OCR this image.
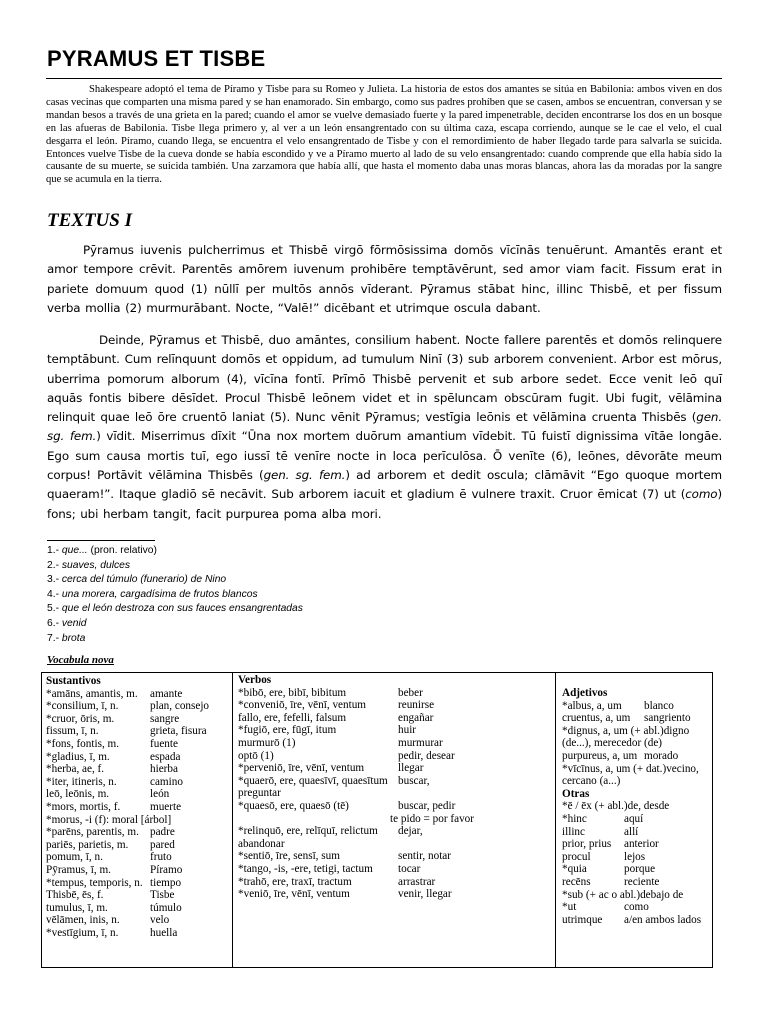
PYRAMUS ET TISBE

Shakespeare adoptó el tema de Píramo y Tisbe para su Romeo y Julieta. La historia de estos dos amantes se sitúa en Babilonia: ambos viven en dos casas vecinas que comparten una misma pared y se han enamorado. Sin embargo, como sus padres prohíben que se casen, ambos se encuentran, conversan y se mandan besos a través de una grieta en la pared; cuando el amor se vuelve demasiado fuerte y la pared impenetrable, deciden encontrarse los dos en un bosque en las afueras de Babilonia. Tisbe llega primero y, al ver a un león ensangrentado con su última caza, escapa corriendo, aunque se le cae el velo, el cual desgarra el león. Píramo, cuando llega, se encuentra el velo ensangrentado de Tisbe y con el remordimiento de haber llegado tarde para salvarla se suicida. Entonces vuelve Tisbe de la cueva donde se había escondido y ve a Píramo muerto al lado de su velo ensangrentado: cuando comprende que ella había sido la causante de su muerte, se suicida también. Una zarzamora que había allí, que hasta el momento daba unas moras blancas, ahora las da moradas por la sangre que se acumula en la tierra.

TEXTUS I

Pȳramus iuvenis pulcherrimus et Thisbē virgō fōrmōsissima domōs vīcīnās tenuērunt. Amantēs erant et amor tempore crēvit. Parentēs amōrem iuvenum prohibēre temptāvērunt, sed amor viam facit. Fissum erat in pariete domuum quod (1) nūllī per multōs annōs vīderant. Pȳramus stābat hinc, illinc Thisbē, et per fissum verba mollia (2) murmurābant. Nocte, “Valē!” dicēbant et utrimque oscula dabant.

Deinde, Pȳramus et Thisbē, duo amāntes, consilium habent. Nocte fallere parentēs et domōs relinquere temptābunt. Cum relīnquunt domōs et oppidum, ad tumulum Ninī (3) sub arborem convenient. Arbor est mōrus, uberrima pomorum alborum (4), vīcīna fontī. Prīmō Thisbē pervenit et sub arbore sedet. Ecce venit leō quī aquās fontis bibere dēsīdet. Procul Thisbē leōnem videt et in spēluncam obscūram fugit. Ubi fugit, vēlāmina relinquit quae leō ōre cruentō laniat (5). Nunc vēnit Pȳramus; vestīgia leōnis et vēlāmina cruenta Thisbēs (gen. sg. fem.) vīdit. Miserrimus dīxit “Ūna nox mortem duōrum amantium vīdebit. Tū fuistī dignissima vītāe longāe. Ego sum causa mortis tuī, ego iussī tē venīre nocte in loca perīculōsa. Ō venīte (6), leōnes, dēvorāte meum corpus! Portāvit vēlāmina Thisbēs (gen. sg. fem.) ad arborem et dedit oscula; clāmāvit “Ego quoque mortem quaeram!”. Itaque gladiō sē necāvit. Sub arborem iacuit et gladium ē vulnere traxit. Cruor ēmicat (7) ut (como) fons; ubi herbam tangit, facit purpurea poma alba mori.

1.- que... (pron. relativo)
2.- suaves, dulces
3.- cerca del túmulo (funerario) de Nino
4.- una morera, cargadísima de frutos blancos
5.- que el león destroza con sus fauces ensangrentadas
6.- venid
7.- brota
Vocabula nova
Sustantivos
*amāns, amantis, m.	amante
*consilium, ī, n.	plan, consejo
*cruor, ōris, m.	sangre
fissum, ī, n.	grieta, fisura
*fons, fontis, m.	fuente
*gladius, ī, m.	espada
*herba, ae, f.	hierba
*iter, itineris, n.	camino
leō, leōnis, m.	león
*mors, mortis, f.	muerte
*morus, -i (f): moral [árbol]
*parēns, parentis, m. padre
pariēs, parietis, m.	pared
pomum, ī, n.	fruto
Pȳramus, ī, m.	Píramo
*tempus, temporis, n. tiempo
Thisbē, ēs, f.	Tisbe
tumulus, ī, m.	túmulo
vēlāmen, inis, n.	velo
*vestīgium, ī, n.	huella
Verbos
*bibō, ere, bibī, bibitum	beber
*conveniō, īre, vēnī, ventum	reunirse
fallo, ere, fefelli, falsum	engañar
*fugiō, ere, fūgī, itum	huir
murmurō (1)	murmurar
optō (1)	pedir, desear
*perveniō, īre, vēnī, ventum	llegar
*quaerō, ere, quaesīvī, quaesītum buscar,
preguntar
*quaesō, ere, quaesō (tē)	buscar, pedir
te pido = por favor
*relinquō, ere, relīquī, relictum	dejar,
abandonar
*sentiō, īre, sensī, sum	sentir, notar
*tango, -is, -ere, tetigi, tactum	tocar
*trahō, ere, traxī, tractum	arrastrar
*veniō, īre, vēnī, ventum	venir, llegar
Adjetivos
*albus, a, um	blanco
cruentus, a, um	sangriento
*dignus, a, um (+ abl.) digno
(de...), merecedor (de)
purpureus, a, um morado
*vīcīnus, a, um (+ dat.) vecino,
cercano (a...)
Otras
*ē / ēx (+ abl.) de, desde
*hinc	aquí
illinc	allí
prior, prius	anterior
procul	lejos
*quia	porque
recēns	reciente
*sub (+ ac o abl.) debajo de
*ut	como
utrimque	a/en ambos lados
